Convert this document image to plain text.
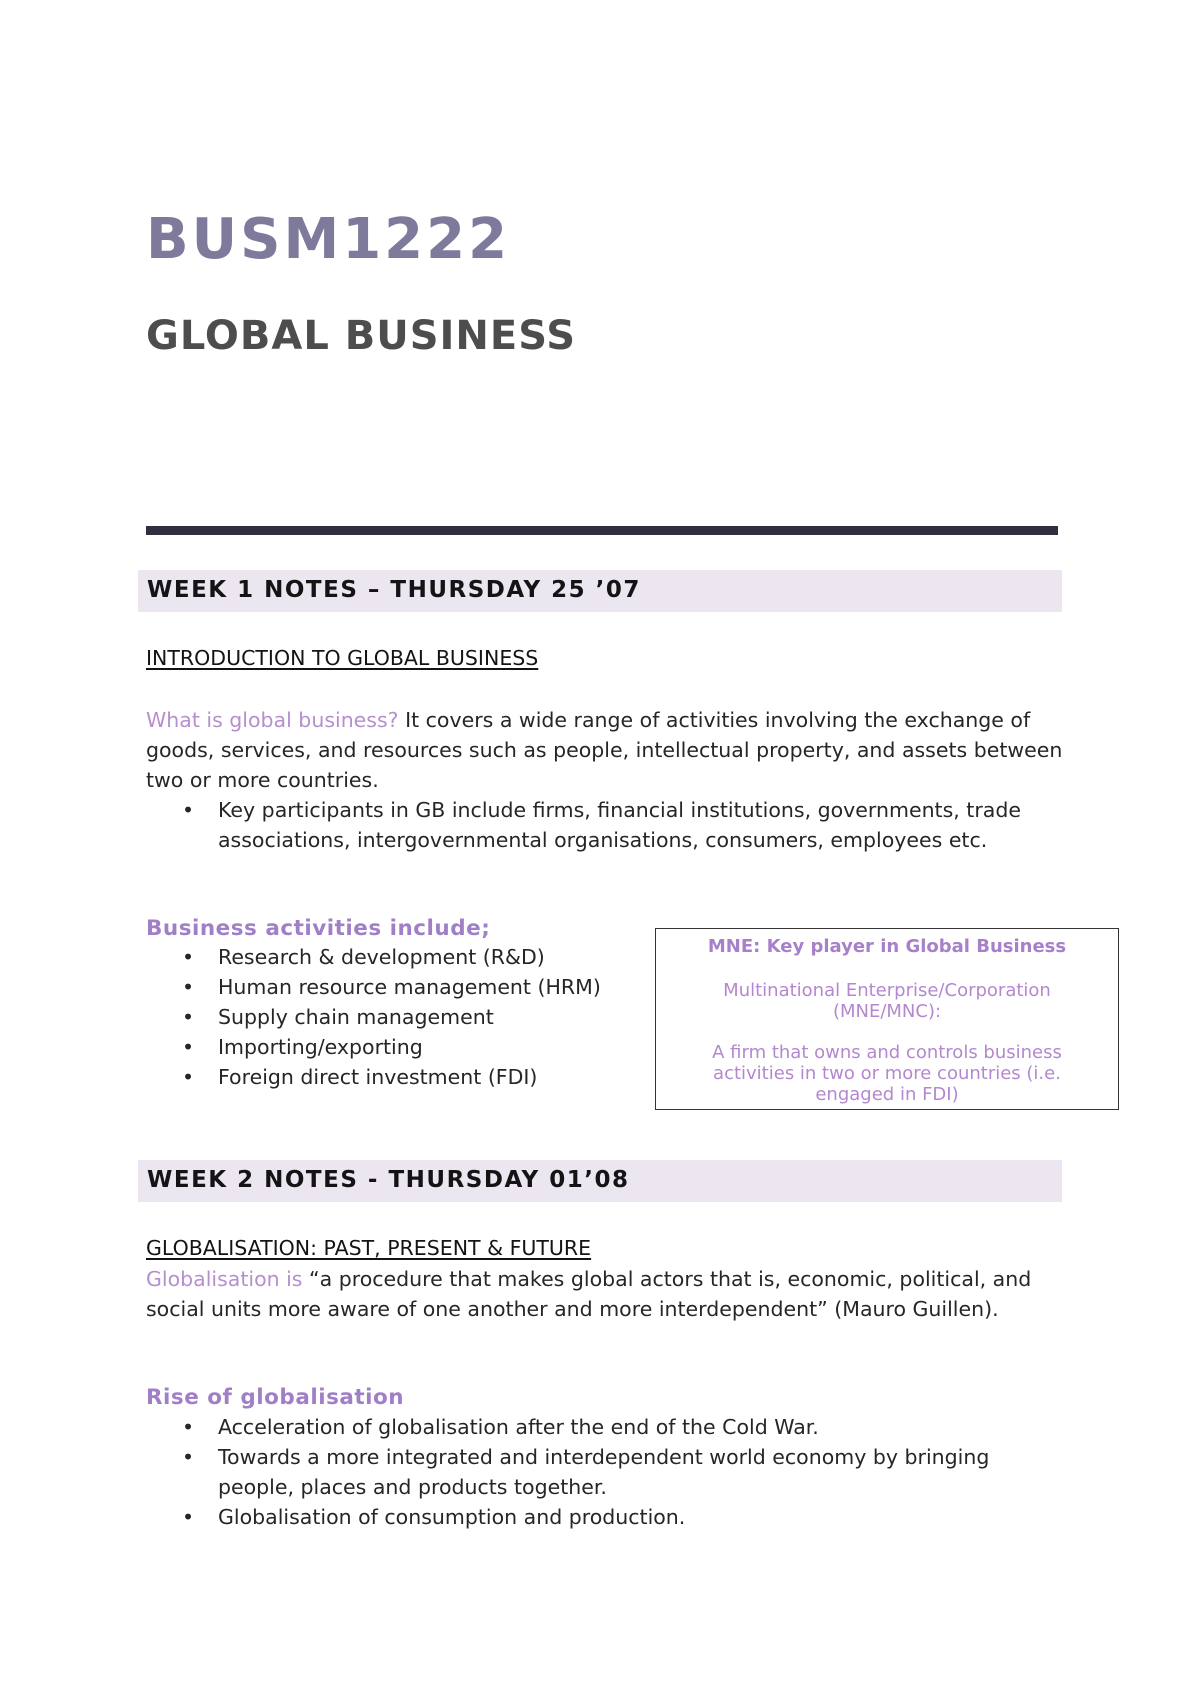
BUSM1222
GLOBAL BUSINESS
WEEK 1 NOTES – THURSDAY 25 ’07

INTRODUCTION TO GLOBAL BUSINESS

What is global business? It covers a wide range of activities involving the exchange of goods, services, and resources such as people, intellectual property, and assets between two or more countries.

• Key participants in GB include firms, financial institutions, governments, trade associations, intergovernmental organisations, consumers, employees etc.

Business activities include;

• Research & development (R&D)
• Human resource management (HRM)
• Supply chain management
• Importing/exporting
• Foreign direct investment (FDI)
MNE: Key player in Global Business
Multinational Enterprise/Corporation (MNE/MNC):
A firm that owns and controls business activities in two or more countries (i.e. engaged in FDI)
WEEK 2 NOTES - THURSDAY 01’08

GLOBALISATION: PAST, PRESENT & FUTURE

Globalisation is “a procedure that makes global actors that is, economic, political, and social units more aware of one another and more interdependent” (Mauro Guillen).

Rise of globalisation

• Acceleration of globalisation after the end of the Cold War.
• Towards a more integrated and interdependent world economy by bringing people, places and products together.
• Globalisation of consumption and production.
